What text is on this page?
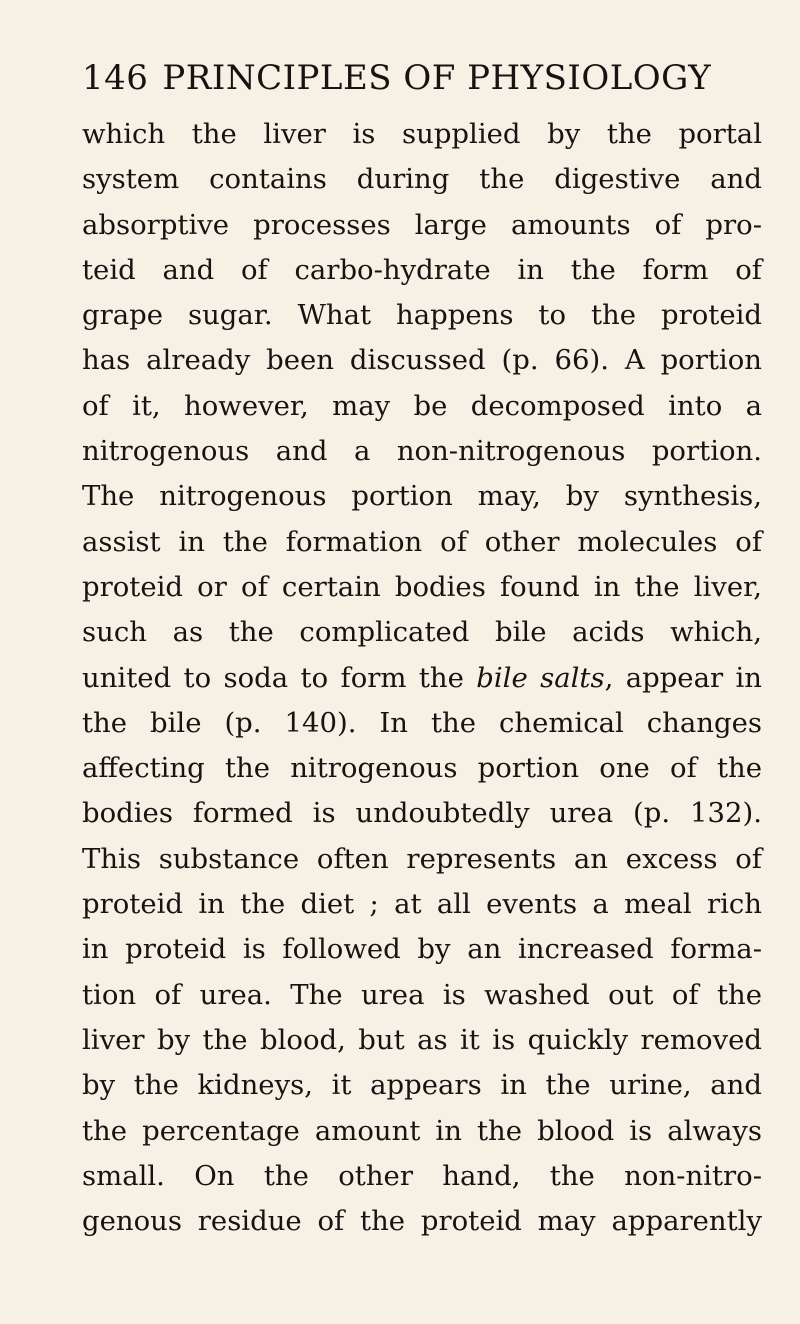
146 PRINCIPLES OF PHYSIOLOGY
which the liver is supplied by the portal
system contains during the digestive and
absorptive processes large amounts of pro-
teid and of carbo-hydrate in the form of
grape sugar. What happens to the proteid
has already been discussed (p. 66). A portion
of it, however, may be decomposed into a
nitrogenous and a non-nitrogenous portion.
The nitrogenous portion may, by synthesis,
assist in the formation of other molecules of
proteid or of certain bodies found in the liver,
such as the complicated bile acids which,
united to soda to form the bile salts, appear in
the bile (p. 140). In the chemical changes
affecting the nitrogenous portion one of the
bodies formed is undoubtedly urea (p. 132).
This substance often represents an excess of
proteid in the diet ; at all events a meal rich
in proteid is followed by an increased forma-
tion of urea. The urea is washed out of the
liver by the blood, but as it is quickly removed
by the kidneys, it appears in the urine, and
the percentage amount in the blood is always
small. On the other hand, the non-nitro-
genous residue of the proteid may apparently
